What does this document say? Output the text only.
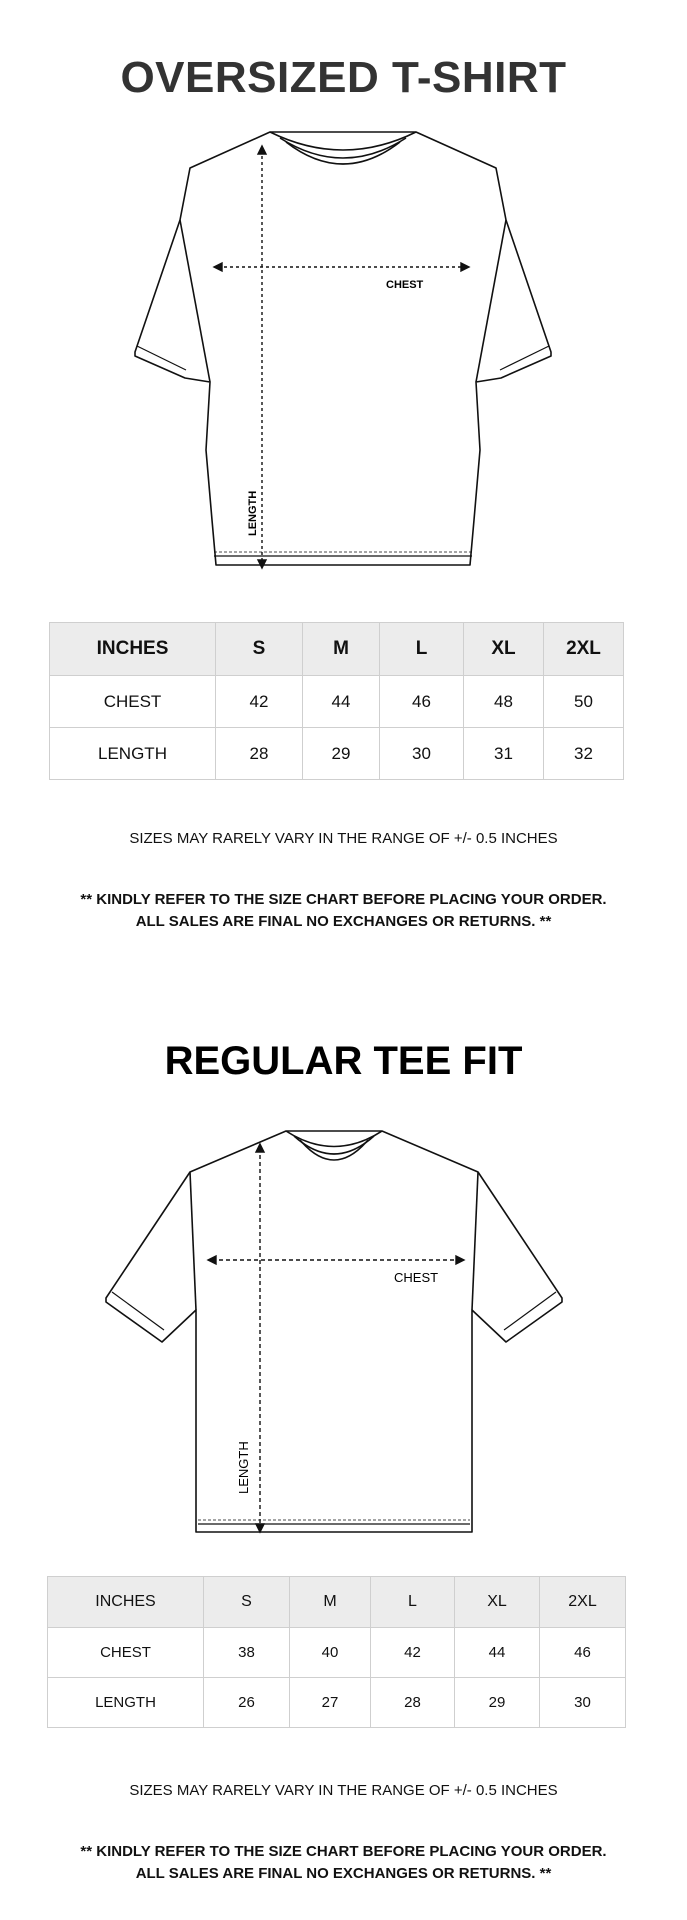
OVERSIZED T-SHIRT
CHEST
LENGTH
INCHES	S	M	L	XL	2XL
CHEST	42	44	46	48	50
LENGTH	28	29	30	31	32

SIZES MAY RARELY VARY IN THE RANGE OF +/- 0.5 INCHES

** KINDLY REFER TO THE SIZE CHART BEFORE PLACING YOUR ORDER.

ALL SALES ARE FINAL NO EXCHANGES OR RETURNS. **

REGULAR TEE FIT
CHEST
LENGTH
INCHES	S	M	L	XL	2XL
CHEST	38	40	42	44	46
LENGTH	26	27	28	29	30

SIZES MAY RARELY VARY IN THE RANGE OF +/- 0.5 INCHES

** KINDLY REFER TO THE SIZE CHART BEFORE PLACING YOUR ORDER.

ALL SALES ARE FINAL NO EXCHANGES OR RETURNS. **
